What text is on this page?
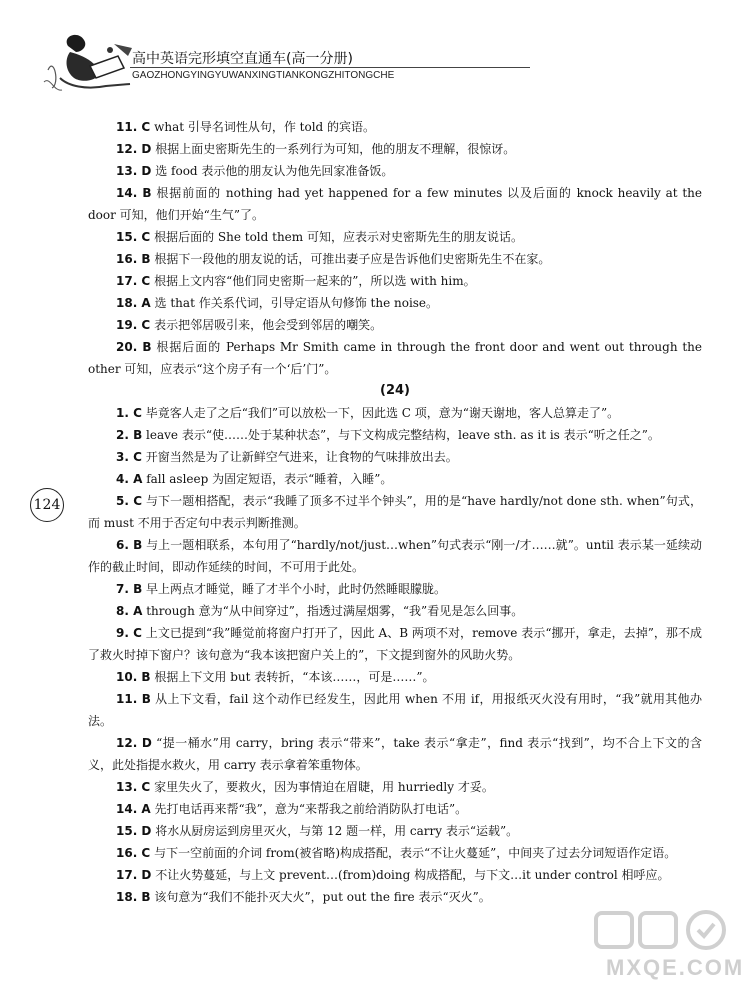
高中英语完形填空直通车(高一分册)
GAOZHONGYINGYUWANXINGTIANKONGZHITONGCHE
124

11. C what 引导名词性从句，作 told 的宾语。

12. D 根据上面史密斯先生的一系列行为可知，他的朋友不理解，很惊讶。

13. D 选 food 表示他的朋友认为他先回家准备饭。

14. B 根据前面的 nothing had yet happened for a few minutes 以及后面的 knock heavily at the door 可知，他们开始“生气”了。

15. C 根据后面的 She told them 可知，应表示对史密斯先生的朋友说话。

16. B 根据下一段他的朋友说的话，可推出妻子应是告诉他们史密斯先生不在家。

17. C 根据上文内容“他们同史密斯一起来的”，所以选 with him。

18. A 选 that 作关系代词，引导定语从句修饰 the noise。

19. C 表示把邻居吸引来，他会受到邻居的嘲笑。

20. B 根据后面的 Perhaps Mr Smith came in through the front door and went out through the other 可知，应表示“这个房子有一个‘后’门”。

(24)

1. C 毕竟客人走了之后“我们”可以放松一下，因此选 C 项，意为“谢天谢地，客人总算走了”。

2. B leave 表示“使……处于某种状态”，与下文构成完整结构，leave sth. as it is 表示“听之任之”。

3. C 开窗当然是为了让新鲜空气进来，让食物的气味排放出去。

4. A fall asleep 为固定短语，表示“睡着，入睡”。

5. C 与下一题相搭配，表示“我睡了顶多不过半个钟头”，用的是“have hardly/not done sth. when”句式，而 must 不用于否定句中表示判断推测。

6. B 与上一题相联系，本句用了“hardly/not/just…when”句式表示“刚一/才……就”。until 表示某一延续动作的截止时间，即动作延续的时间，不可用于此处。

7. B 早上两点才睡觉，睡了才半个小时，此时仍然睡眼朦胧。

8. A through 意为“从中间穿过”，指透过满屋烟雾，“我”看见是怎么回事。

9. C 上文已提到“我”睡觉前将窗户打开了，因此 A、B 两项不对，remove 表示“挪开，拿走，去掉”，那不成了救火时掉下窗户？该句意为“我本该把窗户关上的”，下文提到窗外的风助火势。

10. B 根据上下文用 but 表转折，“本该……，可是……”。

11. B 从上下文看，fail 这个动作已经发生，因此用 when 不用 if，用报纸灭火没有用时，“我”就用其他办法。

12. D “提一桶水”用 carry，bring 表示“带来”，take 表示“拿走”，find 表示“找到”，均不合上下文的含义，此处指提水救火，用 carry 表示拿着笨重物体。

13. C 家里失火了，要救火，因为事情迫在眉睫，用 hurriedly 才妥。

14. A 先打电话再来帮“我”，意为“来帮我之前给消防队打电话”。

15. D 将水从厨房运到房里灭火，与第 12 题一样，用 carry 表示“运载”。

16. C 与下一空前面的介词 from(被省略)构成搭配，表示“不让火蔓延”，中间夹了过去分词短语作定语。

17. D 不让火势蔓延，与上文 prevent…(from)doing 构成搭配，与下文…it under control 相呼应。

18. B 该句意为“我们不能扑灭大火”，put out the fire 表示“灭火”。

MXQE.COM
